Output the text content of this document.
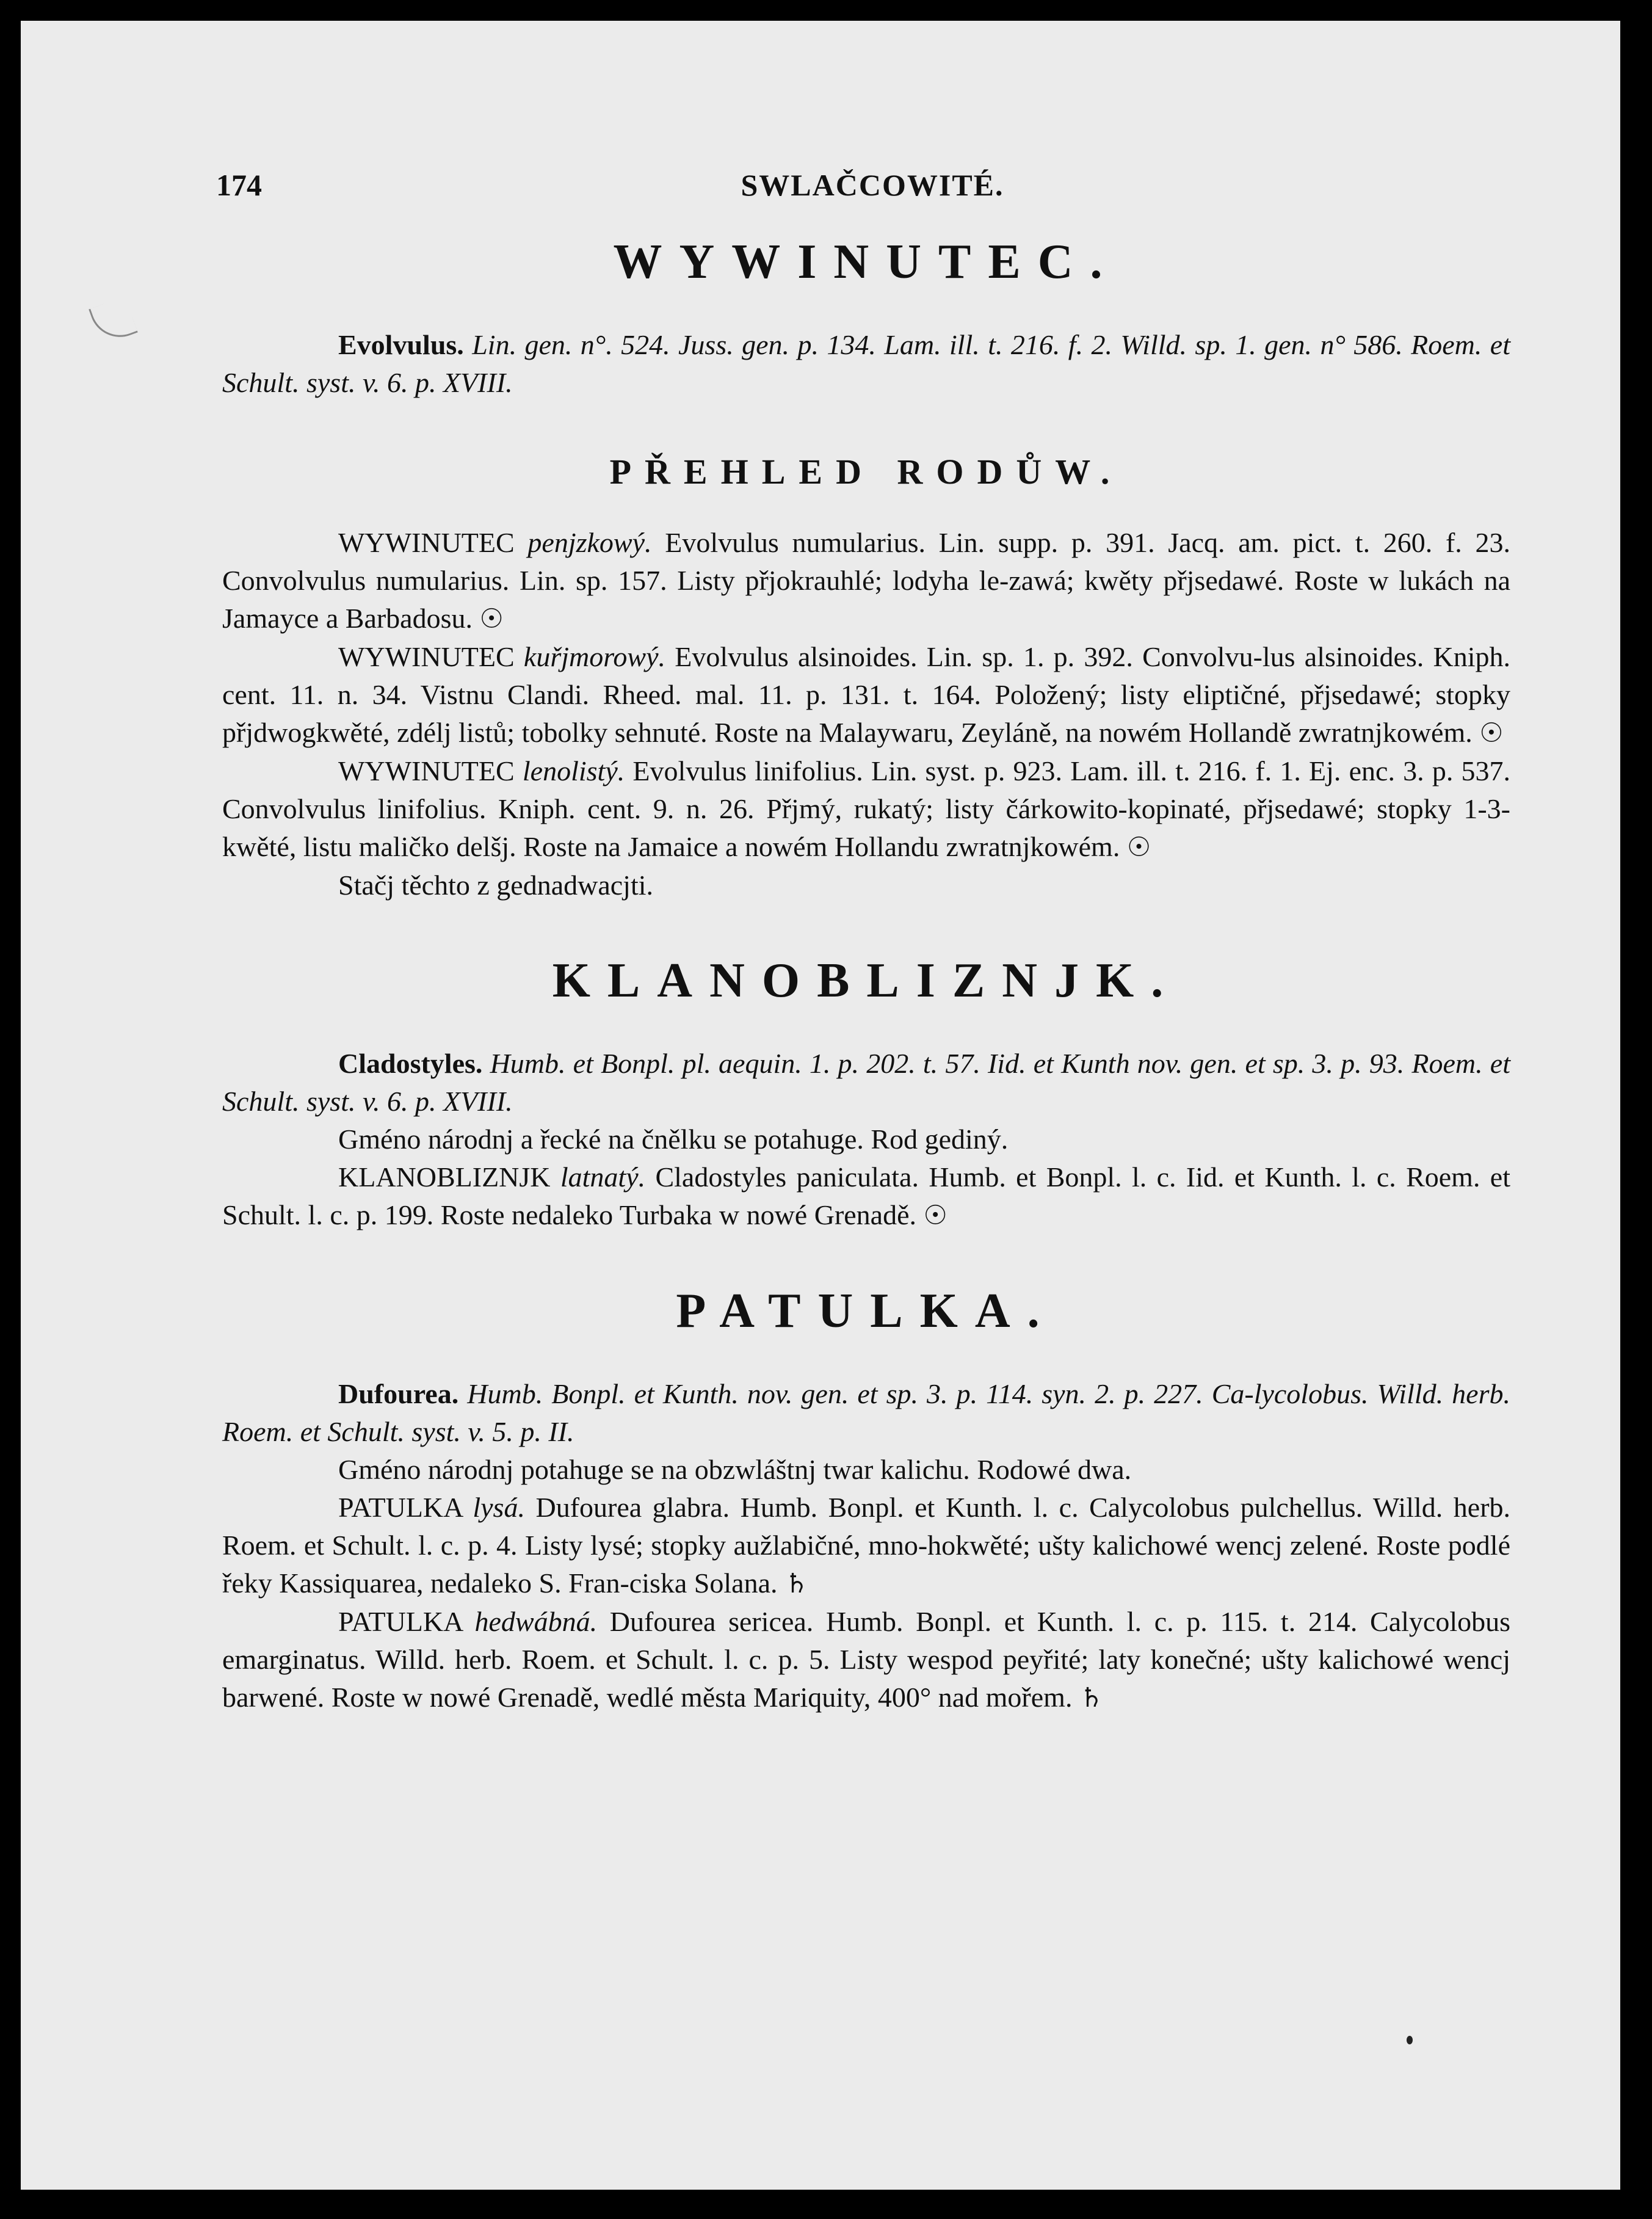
174	SWLAČCOWITÉ.
WYWINUTEC.

Evolvulus. Lin. gen. n°. 524. Juss. gen. p. 134. Lam. ill. t. 216. f. 2. Willd. sp. 1. gen. n° 586. Roem. et Schult. syst. v. 6. p. XVIII.

PŘEHLED RODŮW.

WYWINUTEC penjzkowý. Evolvulus numularius. Lin. supp. p. 391. Jacq. am. pict. t. 260. f. 23. Convolvulus numularius. Lin. sp. 157. Listy přjokrauhlé; lodyha le-zawá; kwěty přjsedawé. Roste w lukách na Jamayce a Barbadosu. ☉

WYWINUTEC kuřjmorowý. Evolvulus alsinoides. Lin. sp. 1. p. 392. Convolvu-lus alsinoides. Kniph. cent. 11. n. 34. Vistnu Clandi. Rheed. mal. 11. p. 131. t. 164. Položený; listy eliptičné, přjsedawé; stopky přjdwogkwěté, zdélj listů; tobolky sehnuté. Roste na Malaywaru, Zeyláně, na nowém Hollandě zwratnjkowém. ☉

WYWINUTEC lenolistý. Evolvulus linifolius. Lin. syst. p. 923. Lam. ill. t. 216. f. 1. Ej. enc. 3. p. 537. Convolvulus linifolius. Kniph. cent. 9. n. 26. Přjmý, rukatý; listy čárkowito-kopinaté, přjsedawé; stopky 1-3-kwěté, listu maličko delšj. Roste na Jamaice a nowém Hollandu zwratnjkowém. ☉

Stačj těchto z gednadwacjti.

KLANOBLIZNJK.

Cladostyles. Humb. et Bonpl. pl. aequin. 1. p. 202. t. 57. Iid. et Kunth nov. gen. et sp. 3. p. 93. Roem. et Schult. syst. v. 6. p. XVIII.

Gméno národnj a řecké na čnělku se potahuge. Rod gediný.

KLANOBLIZNJK latnatý. Cladostyles paniculata. Humb. et Bonpl. l. c. Iid. et Kunth. l. c. Roem. et Schult. l. c. p. 199. Roste nedaleko Turbaka w nowé Grenadě. ☉

PATULKA.

Dufourea. Humb. Bonpl. et Kunth. nov. gen. et sp. 3. p. 114. syn. 2. p. 227. Ca-lycolobus. Willd. herb. Roem. et Schult. syst. v. 5. p. II.

Gméno národnj potahuge se na obzwláštnj twar kalichu. Rodowé dwa.

PATULKA lysá. Dufourea glabra. Humb. Bonpl. et Kunth. l. c. Calycolobus pulchellus. Willd. herb. Roem. et Schult. l. c. p. 4. Listy lysé; stopky aužlabičné, mno-hokwěté; ušty kalichowé wencj zelené. Roste podlé řeky Kassiquarea, nedaleko S. Fran-ciska Solana. ♄

PATULKA hedwábná. Dufourea sericea. Humb. Bonpl. et Kunth. l. c. p. 115. t. 214. Calycolobus emarginatus. Willd. herb. Roem. et Schult. l. c. p. 5. Listy wespod peyřité; laty konečné; ušty kalichowé wencj barwené. Roste w nowé Grenadě, wedlé města Mariquity, 400° nad mořem. ♄
